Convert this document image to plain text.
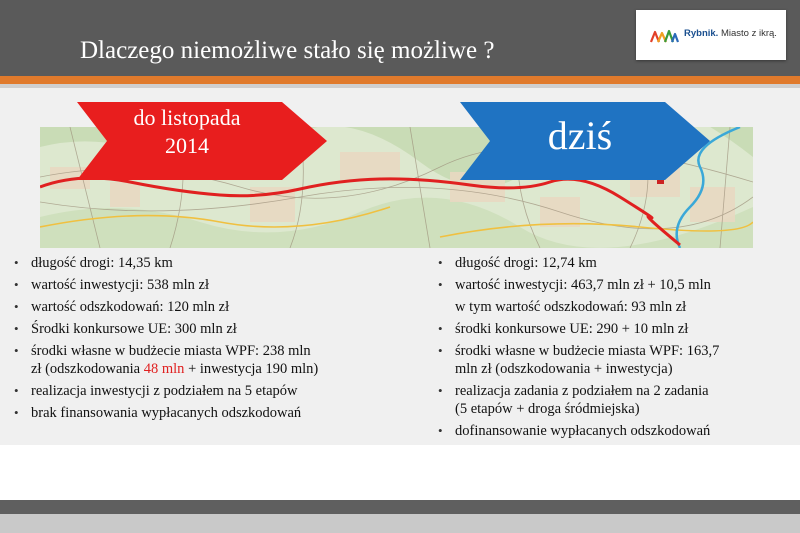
Dlaczego niemożliwe stało się możliwe ?
Rybnik. Miasto z ikrą.
do listopada
2014	dziś
• długość drogi: 14,35 km
• wartość inwestycji: 538 mln zł
• wartość odszkodowań: 120 mln zł
• Środki konkursowe UE: 300 mln zł
• środki własne w budżecie miasta WPF: 238 mln
zł (odszkodowania 48 mln + inwestycja 190 mln)
• realizacja inwestycji z podziałem na 5 etapów
• brak finansowania wypłacanych odszkodowań
• długość drogi: 12,74 km
• wartość inwestycji: 463,7 mln zł + 10,5 mln
w tym wartość odszkodowań: 93 mln zł
• środki konkursowe UE: 290 + 10 mln zł
• środki własne w budżecie miasta WPF: 163,7
mln zł (odszkodowania + inwestycja)
• realizacja zadania z podziałem na 2 zadania
(5 etapów + droga śródmiejska)
• dofinansowanie wypłacanych odszkodowań
